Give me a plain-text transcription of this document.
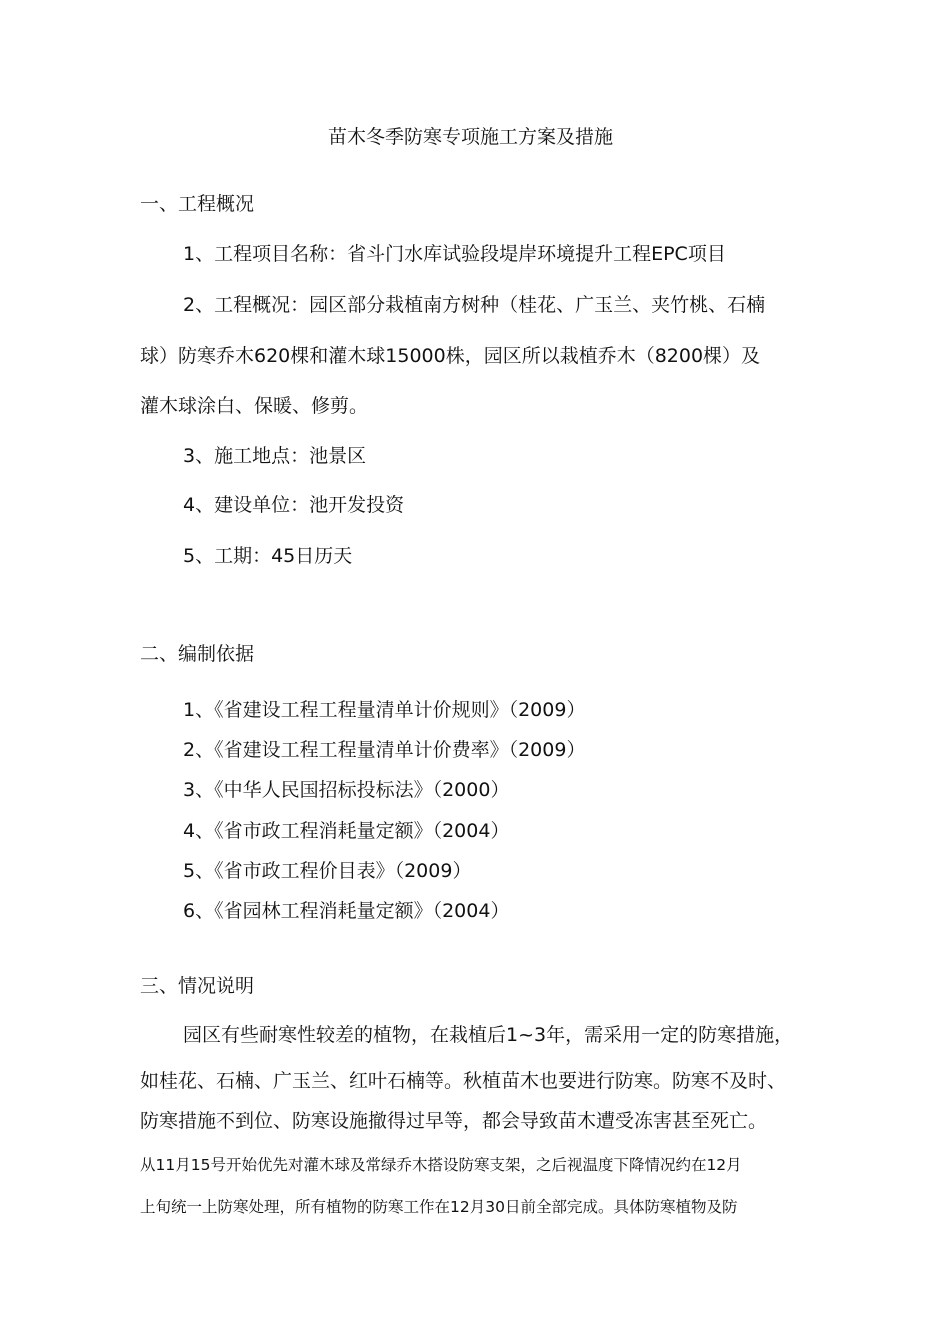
苗木冬季防寒专项施工方案及措施
一、工程概况
1、工程项目名称：省斗门水库试验段堤岸环境提升工程EPC项目
2、工程概况：园区部分栽植南方树种（桂花、广玉兰、夹竹桃、石楠
球）防寒乔木620棵和灌木球15000株，园区所以栽植乔木（8200棵）及
灌木球涂白、保暖、修剪。
3、施工地点：池景区
4、建设单位：池开发投资
5、工期：45日历天
二、编制依据
1、《省建设工程工程量清单计价规则》（2009）
2、《省建设工程工程量清单计价费率》（2009）
3、《中华人民国招标投标法》（2000）
4、《省市政工程消耗量定额》（2004）
5、《省市政工程价目表》（2009）
6、《省园林工程消耗量定额》（2004）
三、情况说明
园区有些耐寒性较差的植物，在栽植后1~3年，需采用一定的防寒措施，
如桂花、石楠、广玉兰、红叶石楠等。秋植苗木也要进行防寒。防寒不及时、
防寒措施不到位、防寒设施撤得过早等，都会导致苗木遭受冻害甚至死亡。
从11月15号开始优先对灌木球及常绿乔木搭设防寒支架，之后视温度下降情况约在12月
上旬统一上防寒处理，所有植物的防寒工作在12月30日前全部完成。具体防寒植物及防
